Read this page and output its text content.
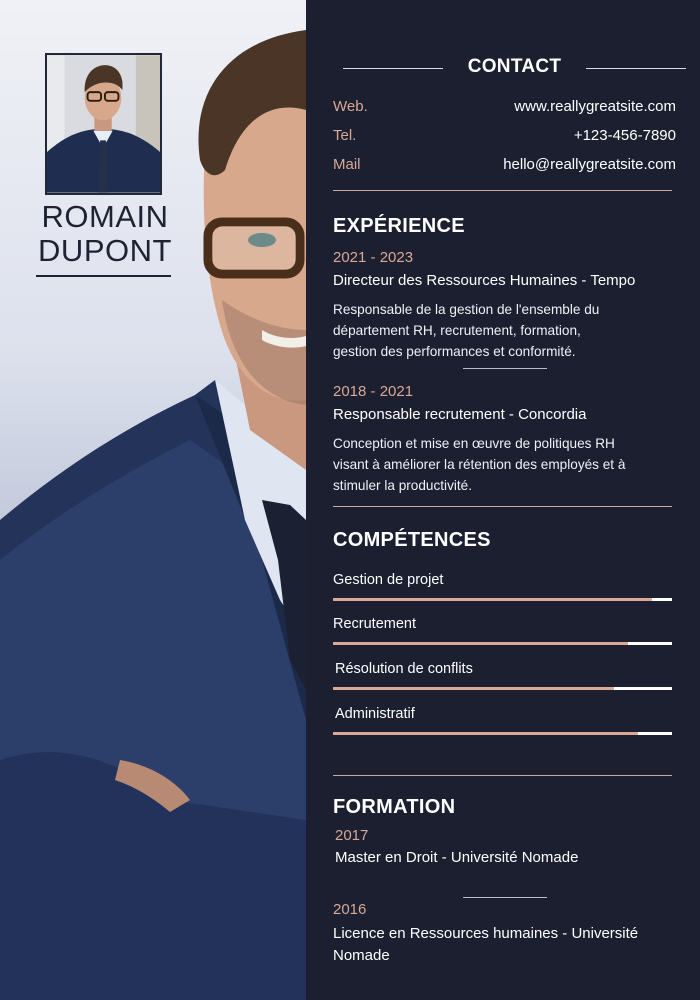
ROMAIN
DUPONT
CONTACT
Web.	www.reallygreatsite.com
Tel.	+123-456-7890
Mail	hello@reallygreatsite.com
EXPÉRIENCE
2021 - 2023
Directeur des Ressources Humaines - Tempo
Responsable de la gestion de l'ensemble du
département RH, recrutement, formation,
gestion des performances et conformité.
2018 - 2021
Responsable recrutement - Concordia
Conception et mise en œuvre de politiques RH
visant à améliorer la rétention des employés et à
stimuler la productivité.
COMPÉTENCES
Gestion de projet
Recrutement
Résolution de conflits
Administratif
FORMATION
2017
Master en Droit - Université Nomade
2016
Licence en Ressources humaines - Université
Nomade
